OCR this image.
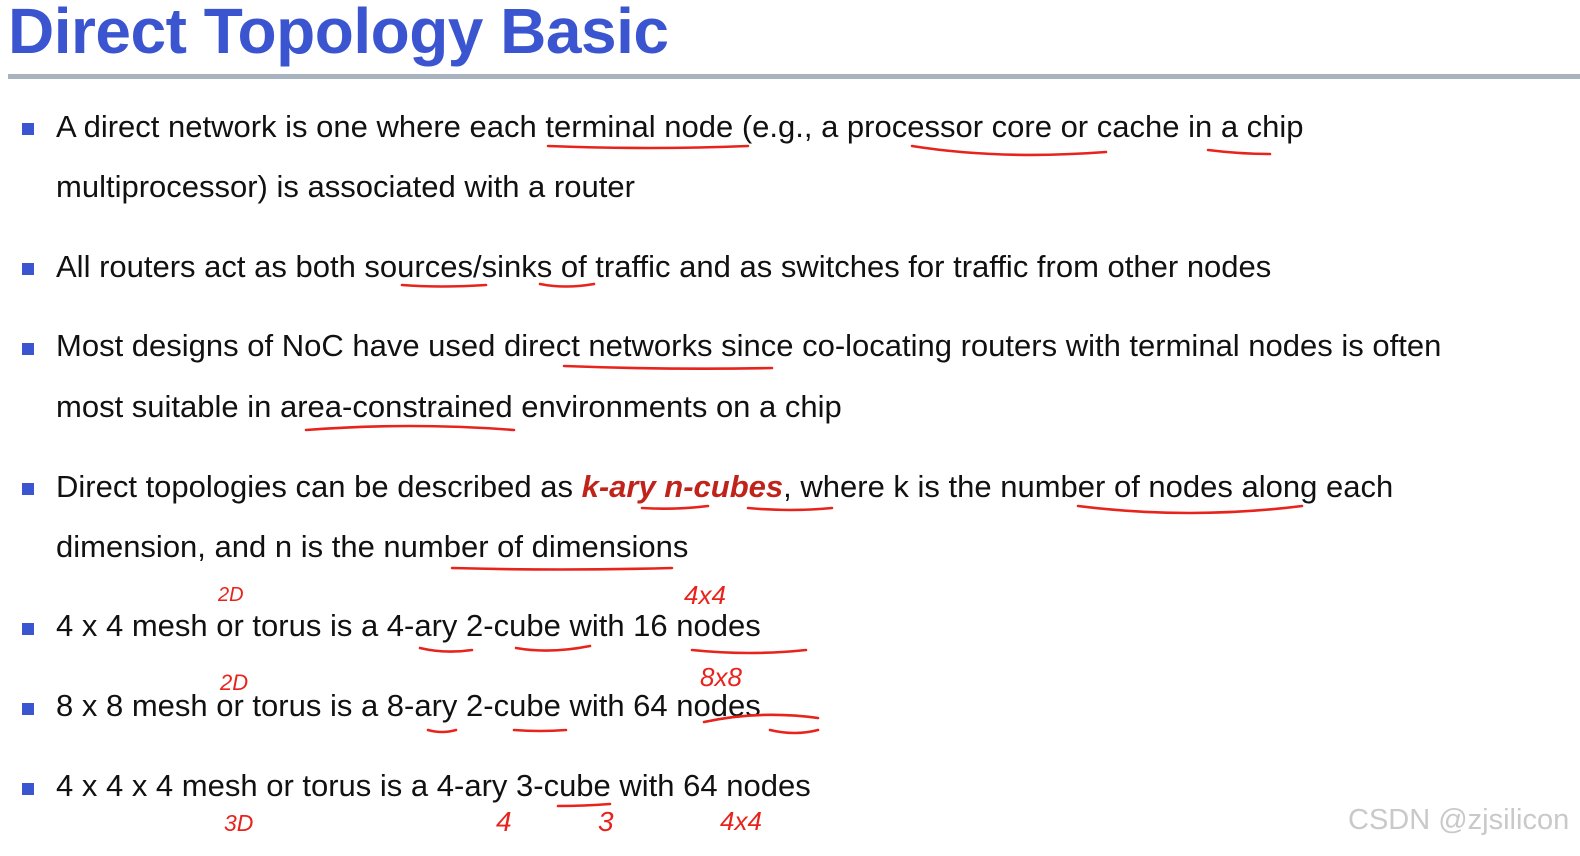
Direct Topology Basic
A direct network is one where each terminal node (e.g., a processor core or cache in a chip
multiprocessor) is associated with a router
All routers act as both sources/sinks of traffic and as switches for traffic from other nodes
Most designs of NoC have used direct networks since co-locating routers with terminal nodes is often
most suitable in area-constrained environments on a chip
Direct topologies can be described as k-ary n-cubes, where k is the number of nodes along each
dimension, and n is the number of dimensions
4 x 4 mesh or torus is a 4-ary 2-cube with 16 nodes
8 x 8 mesh or torus is a 8-ary 2-cube with 64 nodes
4 x 4 x 4 mesh or torus is a 4-ary 3-cube with 64 nodes
2D	4x4
2D	8x8
3D	4	3	4x4	CSDN @zjsilicon
